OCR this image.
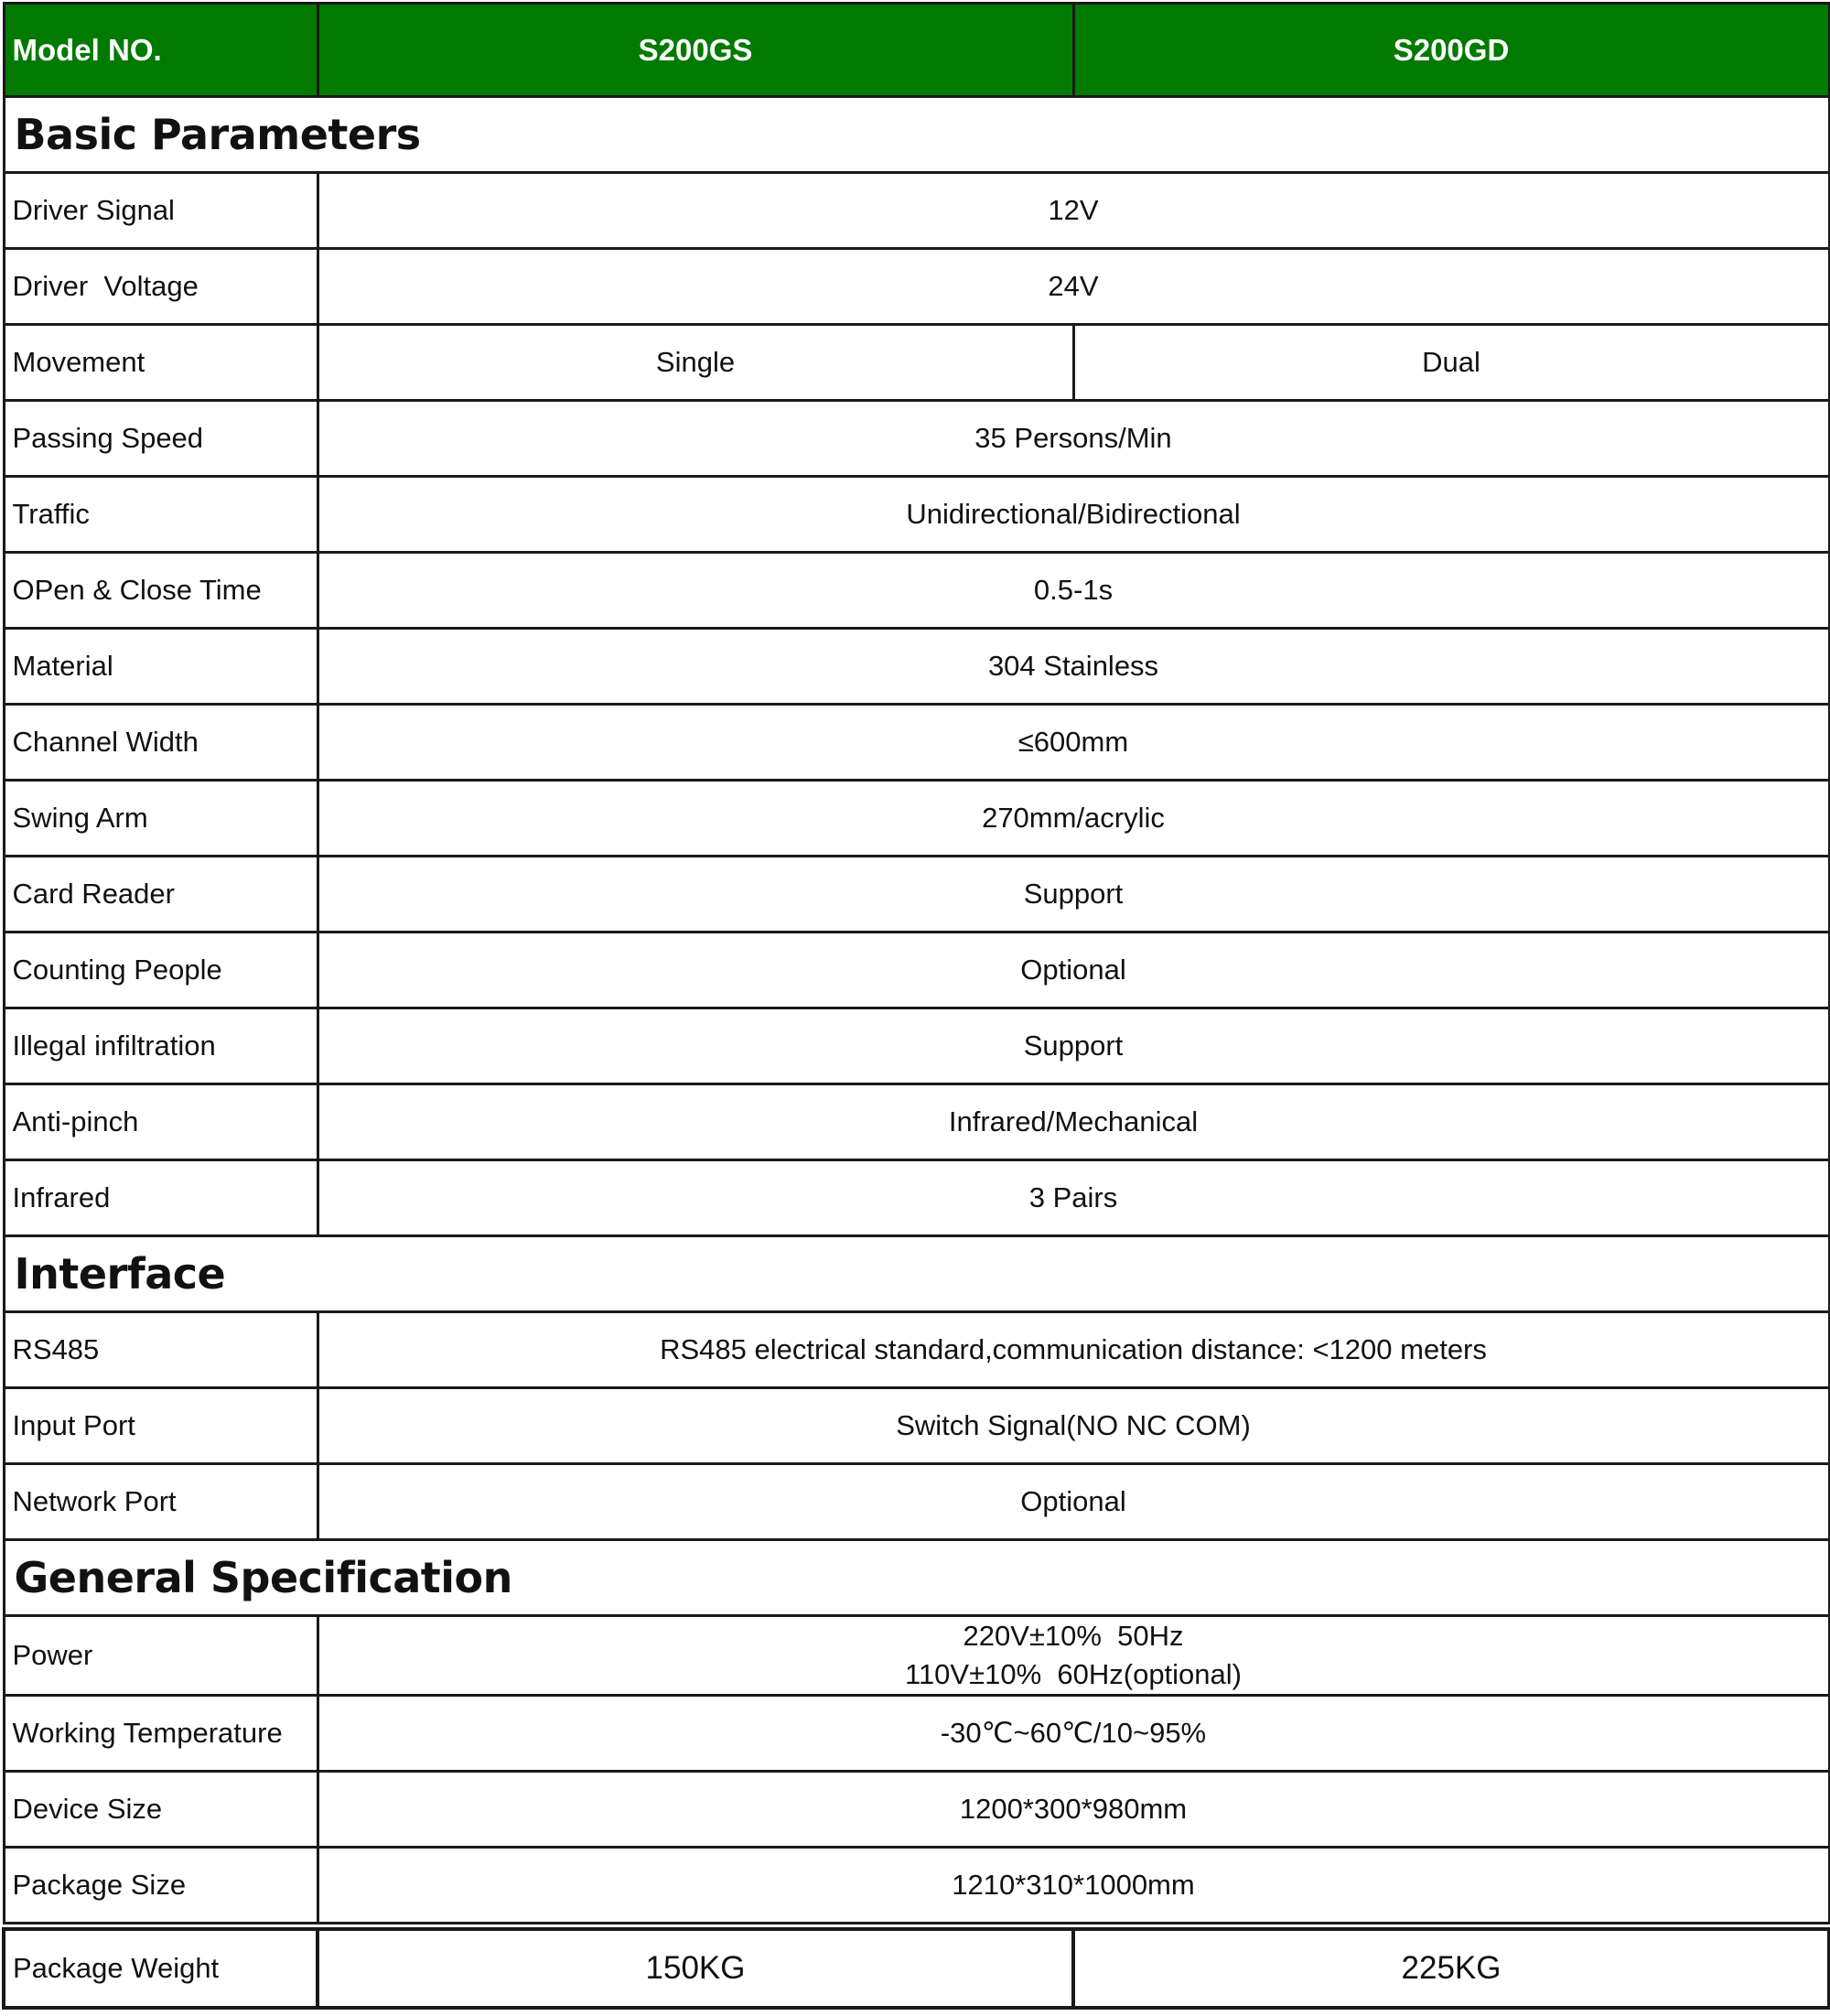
Model NO.	S200GS	S200GD
Basic Parameters		
Driver Signal	12V	
Driver  Voltage	24V	
Movement	Single	Dual
Passing Speed	35 Persons/Min	
Traffic	Unidirectional/Bidirectional	
OPen & Close Time	0.5-1s	
Material	304 Stainless	
Channel Width	≤600mm	
Swing Arm	270mm/acrylic	
Card Reader	Support	
Counting People	Optional	
Illegal infiltration	Support	
Anti-pinch	Infrared/Mechanical	
Infrared	3 Pairs	
Interface		
RS485	RS485 electrical standard,communication distance: <1200 meters	
Input Port	Switch Signal(NO NC COM)	
Network Port	Optional	
General Specification		
Power	220V±10%  50Hz
110V±10%  60Hz(optional)	

Working Temperature	-30℃~60℃/10~95%	
Device Size	1200*300*980mm	
Package Size	1210*310*1000mm	

Package Weight	150KG	225KG
